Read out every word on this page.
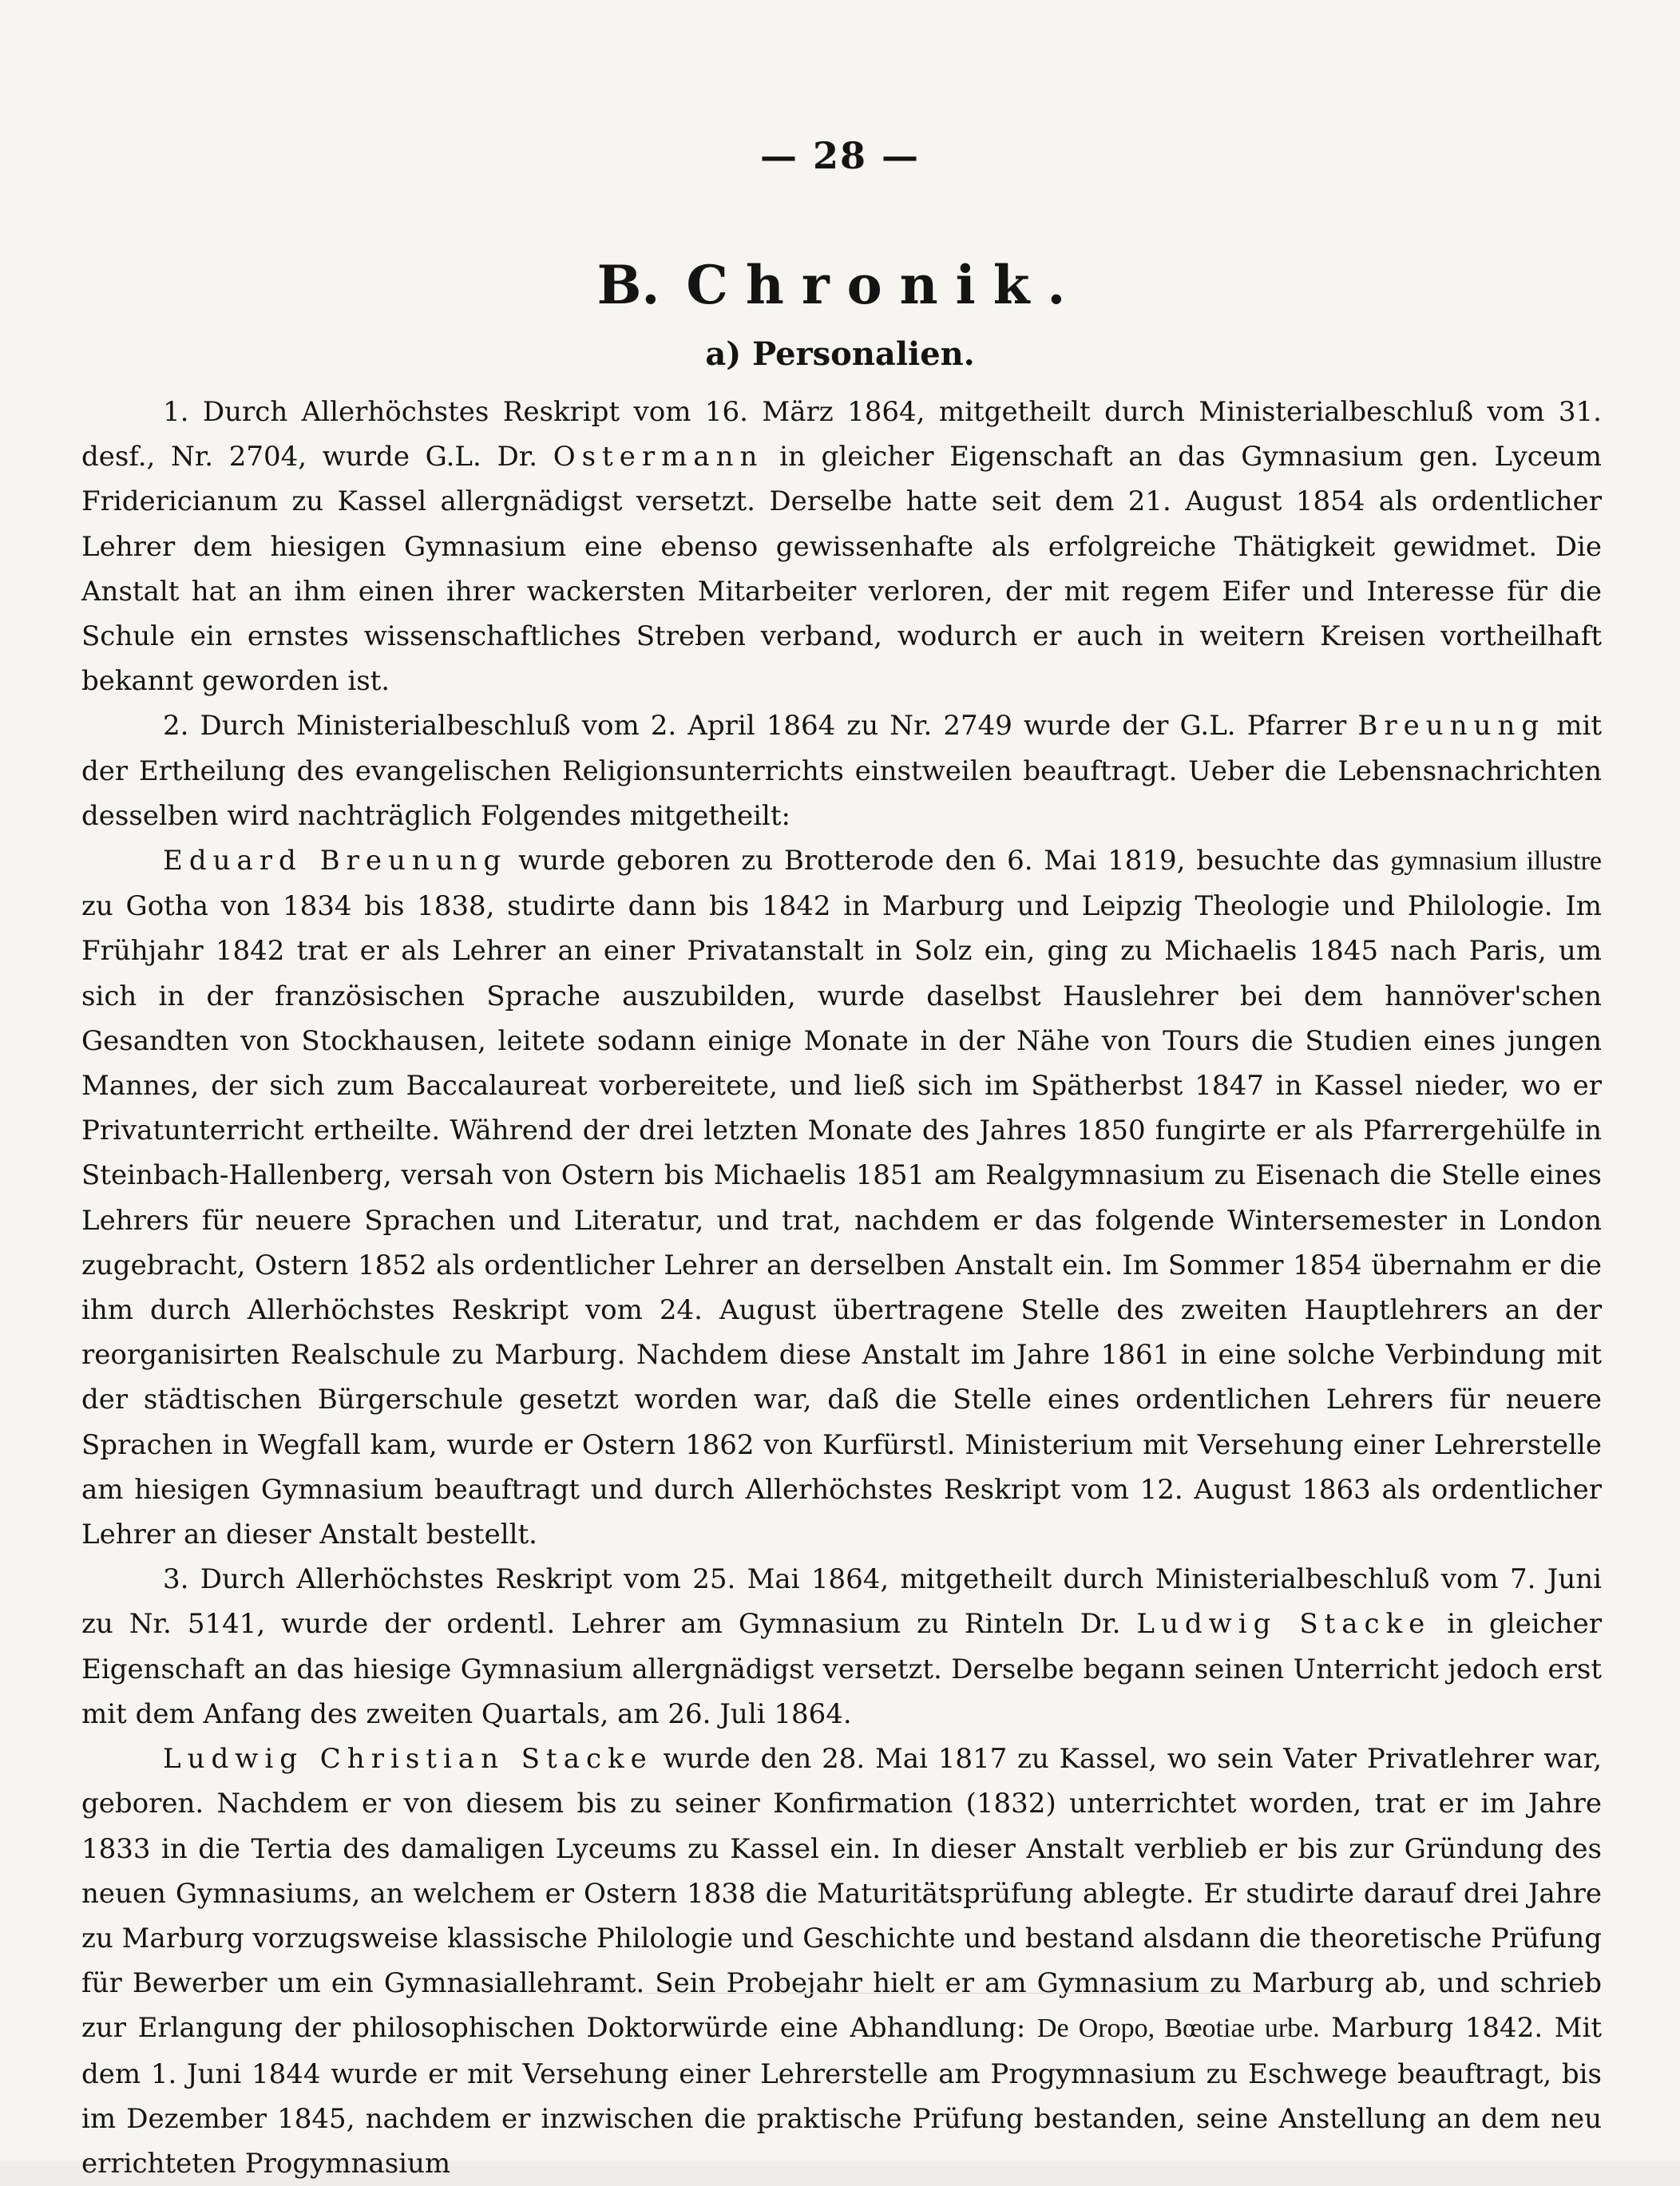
— 28 —
B. Chronik.
a) Personalien.

1. Durch Allerhöchstes Reskript vom 16. März 1864, mitgetheilt durch Ministerialbeschluß vom 31. desf., Nr. 2704, wurde G.L. Dr. Ostermann in gleicher Eigenschaft an das Gymnasium gen. Lyceum Fridericianum zu Kassel allergnädigst versetzt. Derselbe hatte seit dem 21. August 1854 als ordentlicher Lehrer dem hiesigen Gymnasium eine ebenso gewissenhafte als erfolgreiche Thätigkeit gewidmet. Die Anstalt hat an ihm einen ihrer wackersten Mitarbeiter verloren, der mit regem Eifer und Interesse für die Schule ein ernstes wissenschaftliches Streben verband, wodurch er auch in weitern Kreisen vortheilhaft bekannt geworden ist.

2. Durch Ministerialbeschluß vom 2. April 1864 zu Nr. 2749 wurde der G.L. Pfarrer Breunung mit der Ertheilung des evangelischen Religionsunterrichts einstweilen beauftragt. Ueber die Lebensnachrichten desselben wird nachträglich Folgendes mitgetheilt:

Eduard Breunung wurde geboren zu Brotterode den 6. Mai 1819, besuchte das gymnasium illustre zu Gotha von 1834 bis 1838, studirte dann bis 1842 in Marburg und Leipzig Theologie und Philologie. Im Frühjahr 1842 trat er als Lehrer an einer Privatanstalt in Solz ein, ging zu Michaelis 1845 nach Paris, um sich in der französischen Sprache auszubilden, wurde daselbst Hauslehrer bei dem hannöver'schen Gesandten von Stockhausen, leitete sodann einige Monate in der Nähe von Tours die Studien eines jungen Mannes, der sich zum Baccalaureat vorbereitete, und ließ sich im Spätherbst 1847 in Kassel nieder, wo er Privatunterricht ertheilte. Während der drei letzten Monate des Jahres 1850 fungirte er als Pfarrergehülfe in Steinbach-Hallenberg, versah von Ostern bis Michaelis 1851 am Realgymnasium zu Eisenach die Stelle eines Lehrers für neuere Sprachen und Literatur, und trat, nachdem er das folgende Wintersemester in London zugebracht, Ostern 1852 als ordentlicher Lehrer an derselben Anstalt ein. Im Sommer 1854 übernahm er die ihm durch Allerhöchstes Reskript vom 24. August übertragene Stelle des zweiten Hauptlehrers an der reorganisirten Realschule zu Marburg. Nachdem diese Anstalt im Jahre 1861 in eine solche Verbindung mit der städtischen Bürgerschule gesetzt worden war, daß die Stelle eines ordentlichen Lehrers für neuere Sprachen in Wegfall kam, wurde er Ostern 1862 von Kurfürstl. Ministerium mit Versehung einer Lehrerstelle am hiesigen Gymnasium beauftragt und durch Allerhöchstes Reskript vom 12. August 1863 als ordentlicher Lehrer an dieser Anstalt bestellt.

3. Durch Allerhöchstes Reskript vom 25. Mai 1864, mitgetheilt durch Ministerialbeschluß vom 7. Juni zu Nr. 5141, wurde der ordentl. Lehrer am Gymnasium zu Rinteln Dr. Ludwig Stacke in gleicher Eigenschaft an das hiesige Gymnasium allergnädigst versetzt. Derselbe begann seinen Unterricht jedoch erst mit dem Anfang des zweiten Quartals, am 26. Juli 1864.

Ludwig Christian Stacke wurde den 28. Mai 1817 zu Kassel, wo sein Vater Privatlehrer war, geboren. Nachdem er von diesem bis zu seiner Konfirmation (1832) unterrichtet worden, trat er im Jahre 1833 in die Tertia des damaligen Lyceums zu Kassel ein. In dieser Anstalt verblieb er bis zur Gründung des neuen Gymnasiums, an welchem er Ostern 1838 die Maturitätsprüfung ablegte. Er studirte darauf drei Jahre zu Marburg vorzugsweise klassische Philologie und Geschichte und bestand alsdann die theoretische Prüfung für Bewerber um ein Gymnasiallehramt. Sein Probejahr hielt er am Gymnasium zu Marburg ab, und schrieb zur Erlangung der philosophischen Doktorwürde eine Abhandlung: De Oropo, Bœotiae urbe. Marburg 1842. Mit dem 1. Juni 1844 wurde er mit Versehung einer Lehrerstelle am Progymnasium zu Eschwege beauftragt, bis im Dezember 1845, nachdem er inzwischen die praktische Prüfung bestanden, seine Anstellung an dem neu errichteten Progymnasium
